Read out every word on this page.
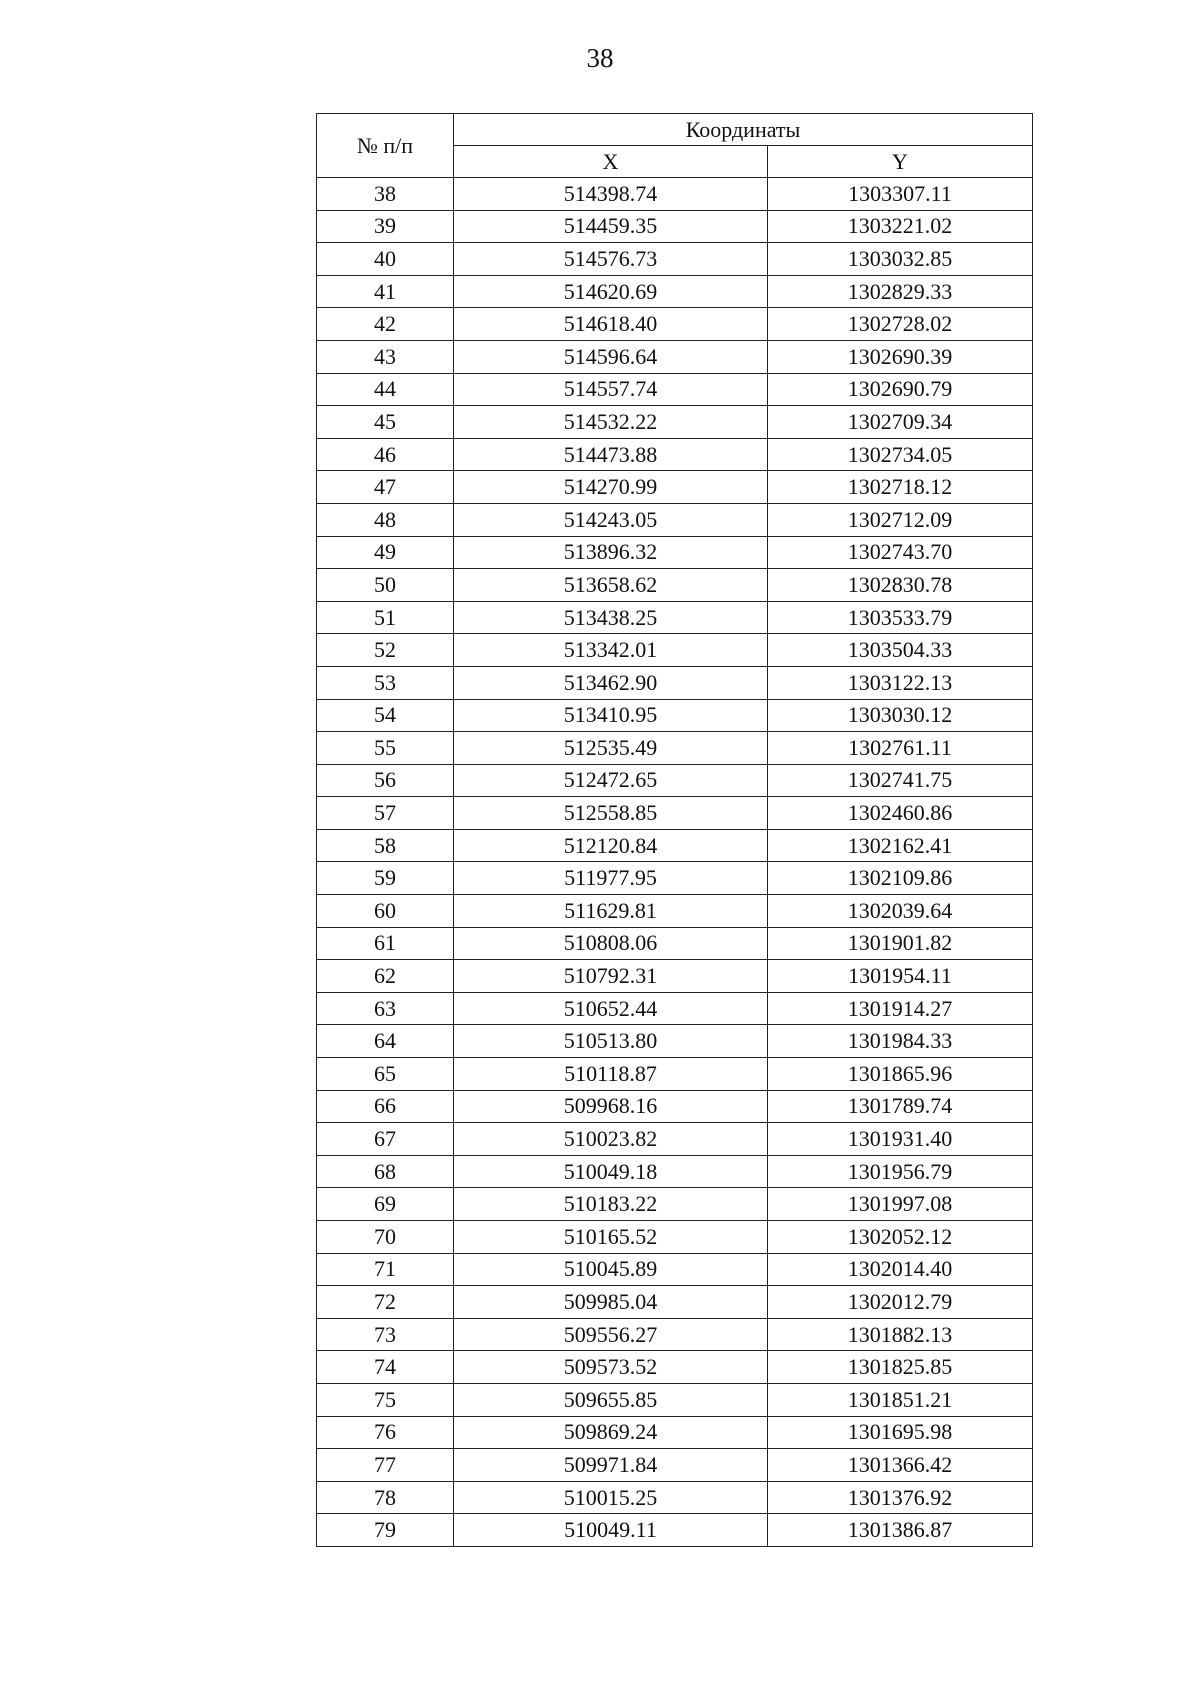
38
№ п/п	Координаты	
	X	Y
38	514398.74	1303307.11
39	514459.35	1303221.02
40	514576.73	1303032.85
41	514620.69	1302829.33
42	514618.40	1302728.02
43	514596.64	1302690.39
44	514557.74	1302690.79
45	514532.22	1302709.34
46	514473.88	1302734.05
47	514270.99	1302718.12
48	514243.05	1302712.09
49	513896.32	1302743.70
50	513658.62	1302830.78
51	513438.25	1303533.79
52	513342.01	1303504.33
53	513462.90	1303122.13
54	513410.95	1303030.12
55	512535.49	1302761.11
56	512472.65	1302741.75
57	512558.85	1302460.86
58	512120.84	1302162.41
59	511977.95	1302109.86
60	511629.81	1302039.64
61	510808.06	1301901.82
62	510792.31	1301954.11
63	510652.44	1301914.27
64	510513.80	1301984.33
65	510118.87	1301865.96
66	509968.16	1301789.74
67	510023.82	1301931.40
68	510049.18	1301956.79
69	510183.22	1301997.08
70	510165.52	1302052.12
71	510045.89	1302014.40
72	509985.04	1302012.79
73	509556.27	1301882.13
74	509573.52	1301825.85
75	509655.85	1301851.21
76	509869.24	1301695.98
77	509971.84	1301366.42
78	510015.25	1301376.92
79	510049.11	1301386.87
